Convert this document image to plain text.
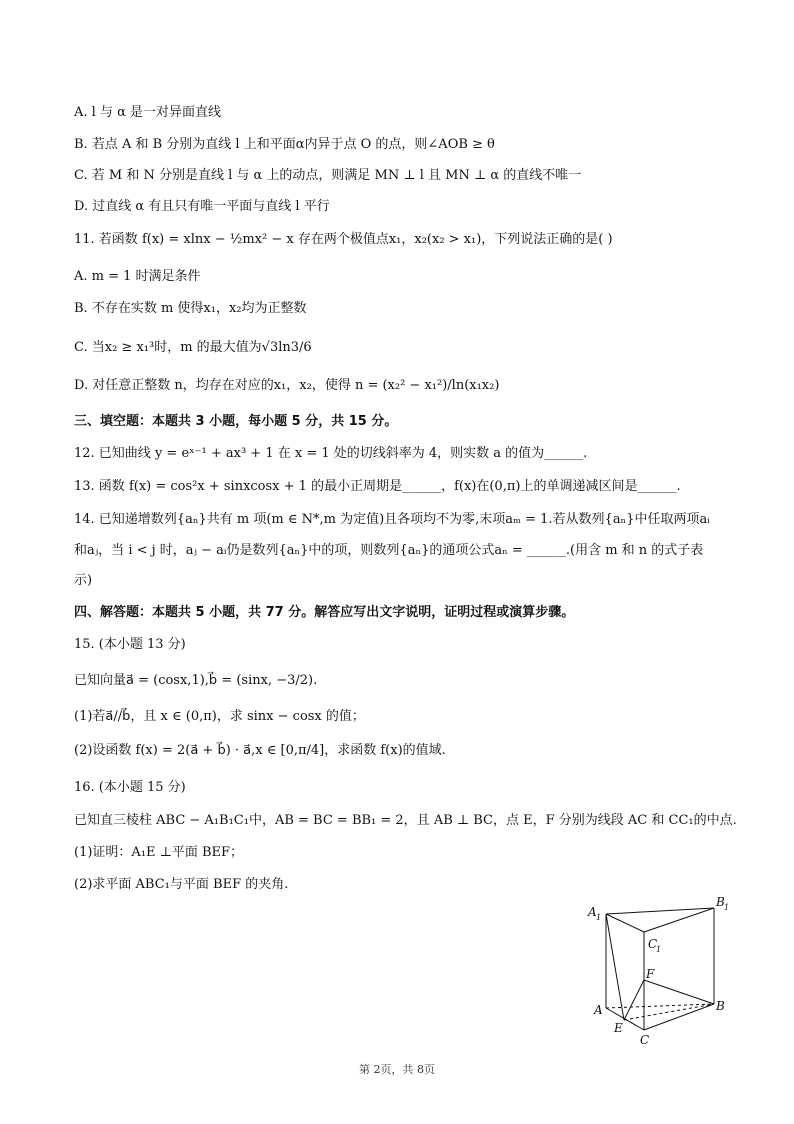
A. l 与 α 是一对异面直线
B. 若点 A 和 B 分别为直线 l 上和平面α内异于点 O 的点，则∠AOB ≥ θ
C. 若 M 和 N 分别是直线 l 与 α 上的动点，则满足 MN ⊥ l 且 MN ⊥ α 的直线不唯一
D. 过直线 α 有且只有唯一平面与直线 l 平行
11. 若函数 f(x) = xlnx − ½mx² − x 存在两个极值点x₁，x₂(x₂ > x₁)，下列说法正确的是( )
A. m = 1 时满足条件
B. 不存在实数 m 使得x₁，x₂均为正整数
C. 当x₂ ≥ x₁³时，m 的最大值为√3ln3/6
D. 对任意正整数 n，均存在对应的x₁，x₂，使得 n = (x₂² − x₁²)/ln(x₁x₂)
三、填空题：本题共 3 小题，每小题 5 分，共 15 分。
12. 已知曲线 y = eˣ⁻¹ + ax³ + 1 在 x = 1 处的切线斜率为 4，则实数 a 的值为______.
13. 函数 f(x) = cos²x + sinxcosx + 1 的最小正周期是______，f(x)在(0,π)上的单调递减区间是______.
14. 已知递增数列{aₙ}共有 m 项(m ∈ N*,m 为定值)且各项均不为零,末项aₘ = 1.若从数列{aₙ}中任取两项aᵢ
和aⱼ，当 i < j 时，aⱼ − aᵢ仍是数列{aₙ}中的项，则数列{aₙ}的通项公式aₙ = ______.(用含 m 和 n 的式子表
示)
四、解答题：本题共 5 小题，共 77 分。解答应写出文字说明，证明过程或演算步骤。
15. (本小题 13 分)
已知向量a⃗ = (cosx,1),b⃗ = (sinx, −3/2).
(1)若a⃗//b⃗，且 x ∈ (0,π)，求 sinx − cosx 的值；
(2)设函数 f(x) = 2(a⃗ + b⃗) · a⃗,x ∈ [0,π/4]，求函数 f(x)的值域.
16. (本小题 15 分)
已知直三棱柱 ABC − A₁B₁C₁中，AB = BC = BB₁ = 2，且 AB ⊥ BC，点 E，F 分别为线段 AC 和 CC₁的中点.
(1)证明：A₁E ⊥平面 BEF；
(2)求平面 ABC₁与平面 BEF 的夹角.
A 1
B 1
C
1
F
A	B
E
C
第 2页，共 8页
